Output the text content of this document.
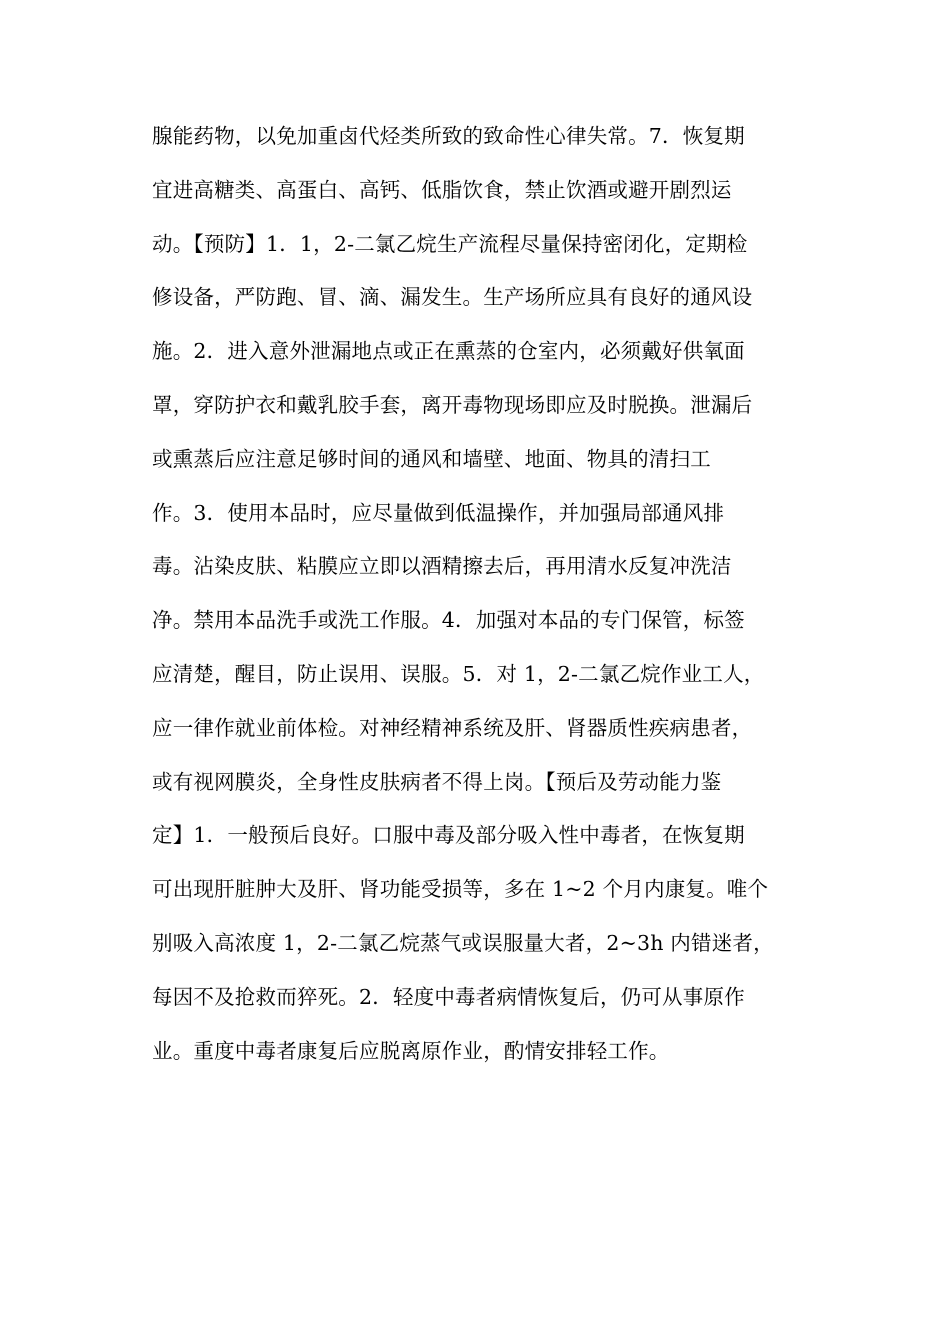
腺能药物，以免加重卤代烃类所致的致命性心律失常。7．恢复期
宜进高糖类、高蛋白、高钙、低脂饮食，禁止饮酒或避开剧烈运
动。【预防】1．1，2-二氯乙烷生产流程尽量保持密闭化，定期检
修设备，严防跑、冒、滴、漏发生。生产场所应具有良好的通风设
施。2．进入意外泄漏地点或正在熏蒸的仓室内，必须戴好供氧面
罩，穿防护衣和戴乳胶手套，离开毒物现场即应及时脱换。泄漏后
或熏蒸后应注意足够时间的通风和墙壁、地面、物具的清扫工
作。3．使用本品时，应尽量做到低温操作，并加强局部通风排
毒。沾染皮肤、粘膜应立即以酒精擦去后，再用清水反复冲洗洁
净。禁用本品洗手或洗工作服。4．加强对本品的专门保管，标签
应清楚，醒目，防止误用、误服。5．对 1，2-二氯乙烷作业工人，
应一律作就业前体检。对神经精神系统及肝、肾器质性疾病患者，
或有视网膜炎，全身性皮肤病者不得上岗。【预后及劳动能力鉴
定】1．一般预后良好。口服中毒及部分吸入性中毒者，在恢复期
可出现肝脏肿大及肝、肾功能受损等，多在 1~2 个月内康复。唯个
别吸入高浓度 1，2-二氯乙烷蒸气或误服量大者，2~3h 内错迷者，
每因不及抢救而猝死。2．轻度中毒者病情恢复后，仍可从事原作
业。重度中毒者康复后应脱离原作业，酌情安排轻工作。
